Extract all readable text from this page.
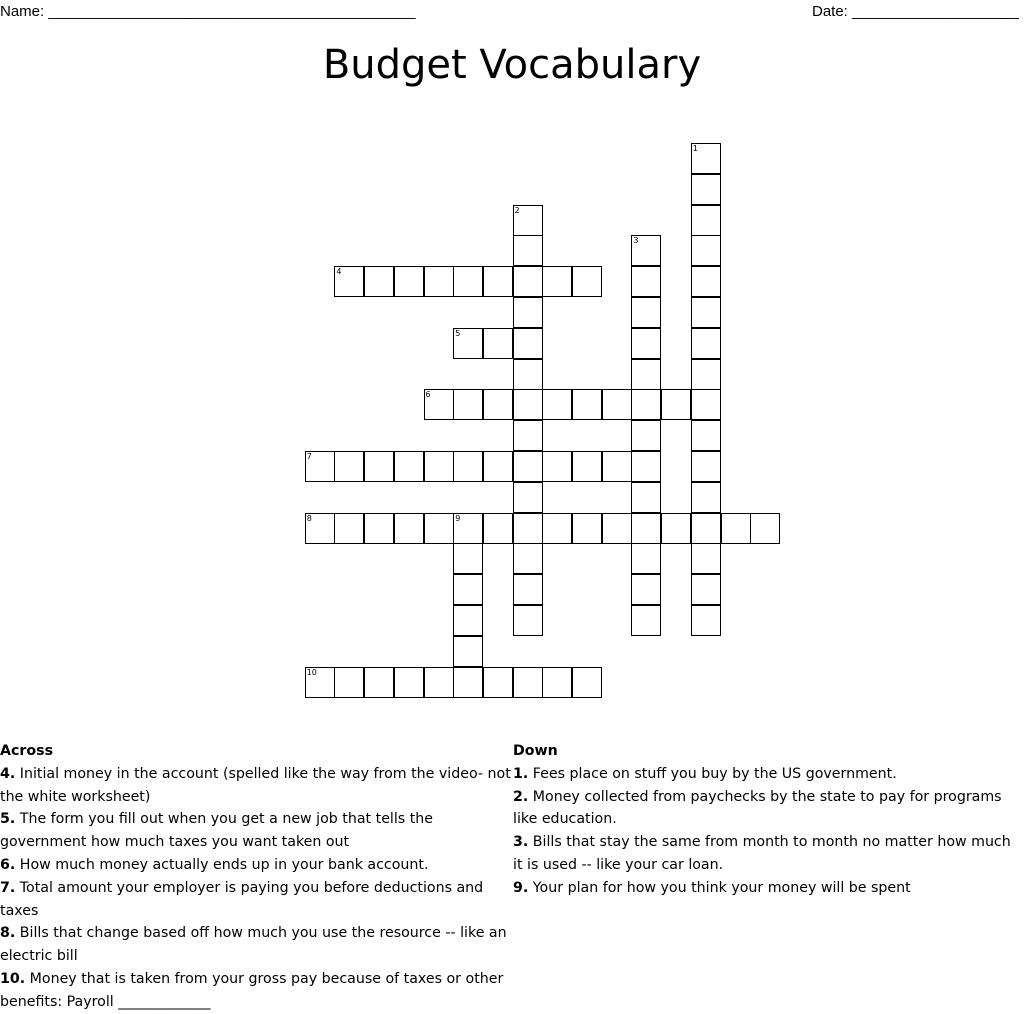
Name: ____________________________________________	Date: ____________________
Budget Vocabulary
1
2
3
4
5
6
7
8	9
10
Across
4. Initial money in the account (spelled like the way from the video- not the white worksheet)
5. The form you fill out when you get a new job that tells the government how much taxes you want taken out
6. How much money actually ends up in your bank account.
7. Total amount your employer is paying you before deductions and taxes
8. Bills that change based off how much you use the resource -- like an electric bill
10. Money that is taken from your gross pay because of taxes or other benefits: Payroll _____________
Down
1. Fees place on stuff you buy by the US government.
2. Money collected from paychecks by the state to pay for programs like education.
3. Bills that stay the same from month to month no matter how much it is used -- like your car loan.
9. Your plan for how you think your money will be spent
